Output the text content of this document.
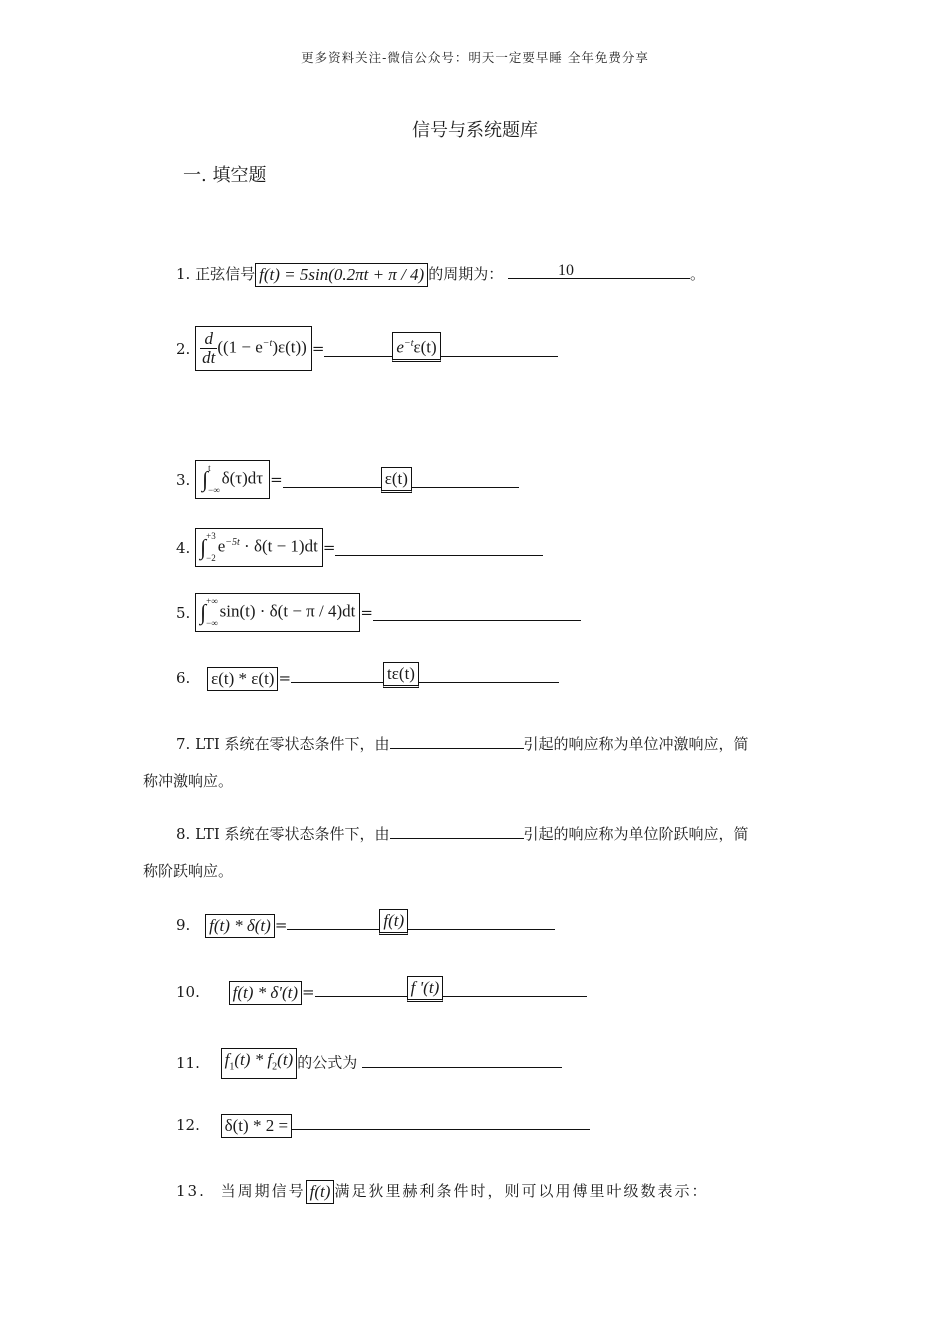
更多资料关注-微信公众号：明天一定要早睡 全年免费分享
信号与系统题库
一. 填空题
1. 正弦信号 f(t) = 5sin(0.2πt + π / 4) 的周期为：	10	。
2. $\frac{d}{dt} ((1 - e^{-t})\varepsilon(t))$ =	$e^{-t}\varepsilon(t)$
3. ∫ t

−∞
δ(τ)dτ =	ε(t)
4. ∫ +3

−2
$e^{-5t} \cdot \delta(t - 1)dt$ =
5. ∫ +∞

−∞
sin(t) · δ(t − π / 4)dt =
6. ε(t) * ε(t) =	tε(t)
7. LTI 系统在零状态条件下，由	引起的响应称为单位冲激响应，简
称冲激响应。
8. LTI 系统在零状态条件下，由	引起的响应称为单位阶跃响应，简
称阶跃响应。
9. f(t) * δ(t) =	f(t)
10. f(t) * δ'(t) =	f '(t)
11. $f_1(t) * f_2(t)$ 的公式为
12. δ(t) * 2 =
13. 当周期信号 f(t) 满足狄里赫利条件时，则可以用傅里叶级数表示：
